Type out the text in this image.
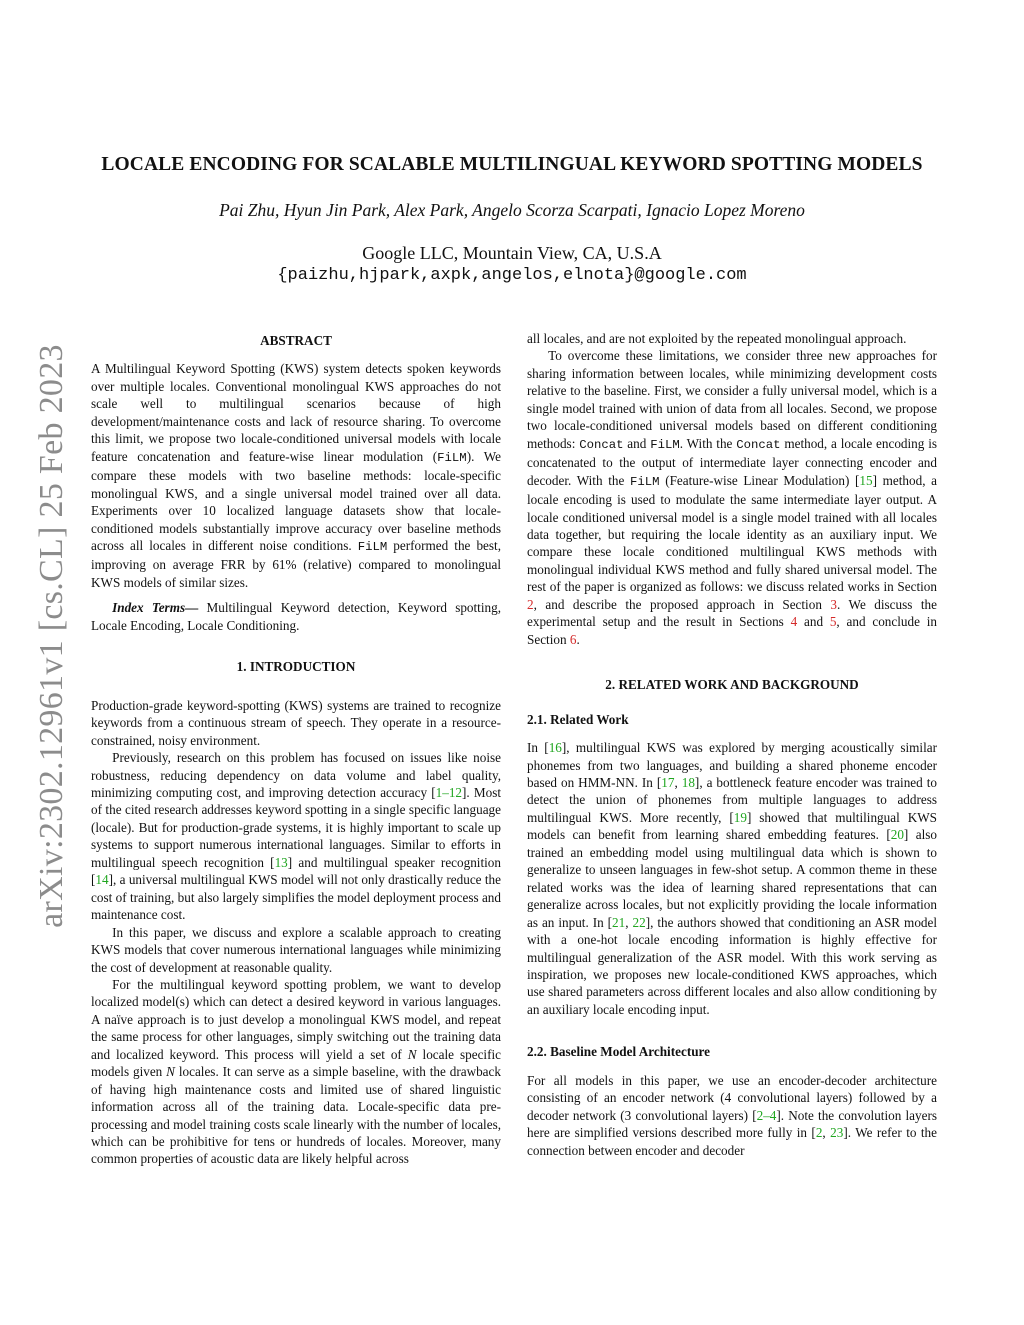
arXiv:2302.12961v1 [cs.CL] 25 Feb 2023
LOCALE ENCODING FOR SCALABLE MULTILINGUAL KEYWORD SPOTTING MODELS
Pai Zhu, Hyun Jin Park, Alex Park, Angelo Scorza Scarpati, Ignacio Lopez Moreno
Google LLC, Mountain View, CA, U.S.A
{paizhu,hjpark,axpk,angelos,elnota}@google.com
ABSTRACT

A Multilingual Keyword Spotting (KWS) system detects spoken keywords over multiple locales. Conventional monolingual KWS approaches do not scale well to multilingual scenarios because of high development/maintenance costs and lack of resource sharing. To overcome this limit, we propose two locale-conditioned universal models with locale feature concatenation and feature-wise linear modulation (FiLM). We compare these models with two baseline methods: locale-specific monolingual KWS, and a single universal model trained over all data. Experiments over 10 localized language datasets show that locale-conditioned models substantially improve accuracy over baseline methods across all locales in different noise conditions. FiLM performed the best, improving on average FRR by 61% (relative) compared to monolingual KWS models of similar sizes.

Index Terms— Multilingual Keyword detection, Keyword spotting, Locale Encoding, Locale Conditioning.

1. INTRODUCTION

Production-grade keyword-spotting (KWS) systems are trained to recognize keywords from a continuous stream of speech. They operate in a resource-constrained, noisy environment.

Previously, research on this problem has focused on issues like noise robustness, reducing dependency on data volume and label quality, minimizing computing cost, and improving detection accuracy [1–12]. Most of the cited research addresses keyword spotting in a single specific language (locale). But for production-grade systems, it is highly important to scale up systems to support numerous international languages. Similar to efforts in multilingual speech recognition [13] and multilingual speaker recognition [14], a universal multilingual KWS model will not only drastically reduce the cost of training, but also largely simplifies the model deployment process and maintenance cost.

In this paper, we discuss and explore a scalable approach to creating KWS models that cover numerous international languages while minimizing the cost of development at reasonable quality.

For the multilingual keyword spotting problem, we want to develop localized model(s) which can detect a desired keyword in various languages. A naïve approach is to just develop a monolingual KWS model, and repeat the same process for other languages, simply switching out the training data and localized keyword. This process will yield a set of N locale specific models given N locales. It can serve as a simple baseline, with the drawback of having high maintenance costs and limited use of shared linguistic information across all of the training data. Locale-specific data pre-processing and model training costs scale linearly with the number of locales, which can be prohibitive for tens or hundreds of locales. Moreover, many common properties of acoustic data are likely helpful across

all locales, and are not exploited by the repeated monolingual approach.

To overcome these limitations, we consider three new approaches for sharing information between locales, while minimizing development costs relative to the baseline. First, we consider a fully universal model, which is a single model trained with union of data from all locales. Second, we propose two locale-conditioned universal models based on different conditioning methods: Concat and FiLM. With the Concat method, a locale encoding is concatenated to the output of intermediate layer connecting encoder and decoder. With the FiLM (Feature-wise Linear Modulation) [15] method, a locale encoding is used to modulate the same intermediate layer output. A locale conditioned universal model is a single model trained with all locales data together, but requiring the locale identity as an auxiliary input. We compare these locale conditioned multilingual KWS methods with monolingual individual KWS method and fully shared universal model. The rest of the paper is organized as follows: we discuss related works in Section 2, and describe the proposed approach in Section 3. We discuss the experimental setup and the result in Sections 4 and 5, and conclude in Section 6.

2. RELATED WORK AND BACKGROUND
2.1. Related Work

In [16], multilingual KWS was explored by merging acoustically similar phonemes from two languages, and building a shared phoneme encoder based on HMM-NN. In [17, 18], a bottleneck feature encoder was trained to detect the union of phonemes from multiple languages to address multilingual KWS. More recently, [19] showed that multilingual KWS models can benefit from learning shared embedding features. [20] also trained an embedding model using multilingual data which is shown to generalize to unseen languages in few-shot setup. A common theme in these related works was the idea of learning shared representations that can generalize across locales, but not explicitly providing the locale information as an input. In [21, 22], the authors showed that conditioning an ASR model with a one-hot locale encoding information is highly effective for multilingual generalization of the ASR model. With this work serving as inspiration, we proposes new locale-conditioned KWS approaches, which use shared parameters across different locales and also allow conditioning by an auxiliary locale encoding input.

2.2. Baseline Model Architecture

For all models in this paper, we use an encoder-decoder architecture consisting of an encoder network (4 convolutional layers) followed by a decoder network (3 convolutional layers) [2–4]. Note the convolution layers here are simplified versions described more fully in [2, 23]. We refer to the connection between encoder and decoder
